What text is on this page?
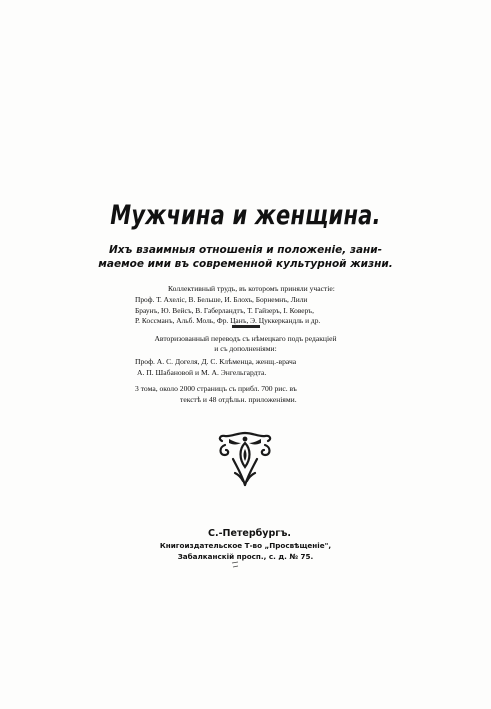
Мужчина и женщина.
Ихъ взаимныя отношенія и положеніе, зани-
маемое ими въ современной культурной жизни.
Коллективный трудъ, въ которомъ приняли участіе:
Проф. Т. Ахеліс, В. Бельше, И. Блохъ, Борнемнъ, Лили
Браунъ, Ю. Вейсъ, В. Габерландтъ, Т. Гайзеръ, І. Коверъ,
Р. Коссманъ, Альб. Моль, Фр. Цанъ, Э. Цуккеркандль и др.
Авторизованный переводъ съ нѣмецкаго подъ редакціей
и съ дополненіями:
Проф. А. С. Догеля, Д. С. Клѣменца, женщ.-врача
А. П. Шабановой и М. А. Энгельгардта.
3 тома, около 2000 страницъ съ прибл. 700 рис. въ
текстѣ и 48 отдѣльн. приложеніями.
С.-Петербургъ.
Книгоиздательское Т-во „Просвѣщеніе",
Забалканскій просп., с. д. № 75.
